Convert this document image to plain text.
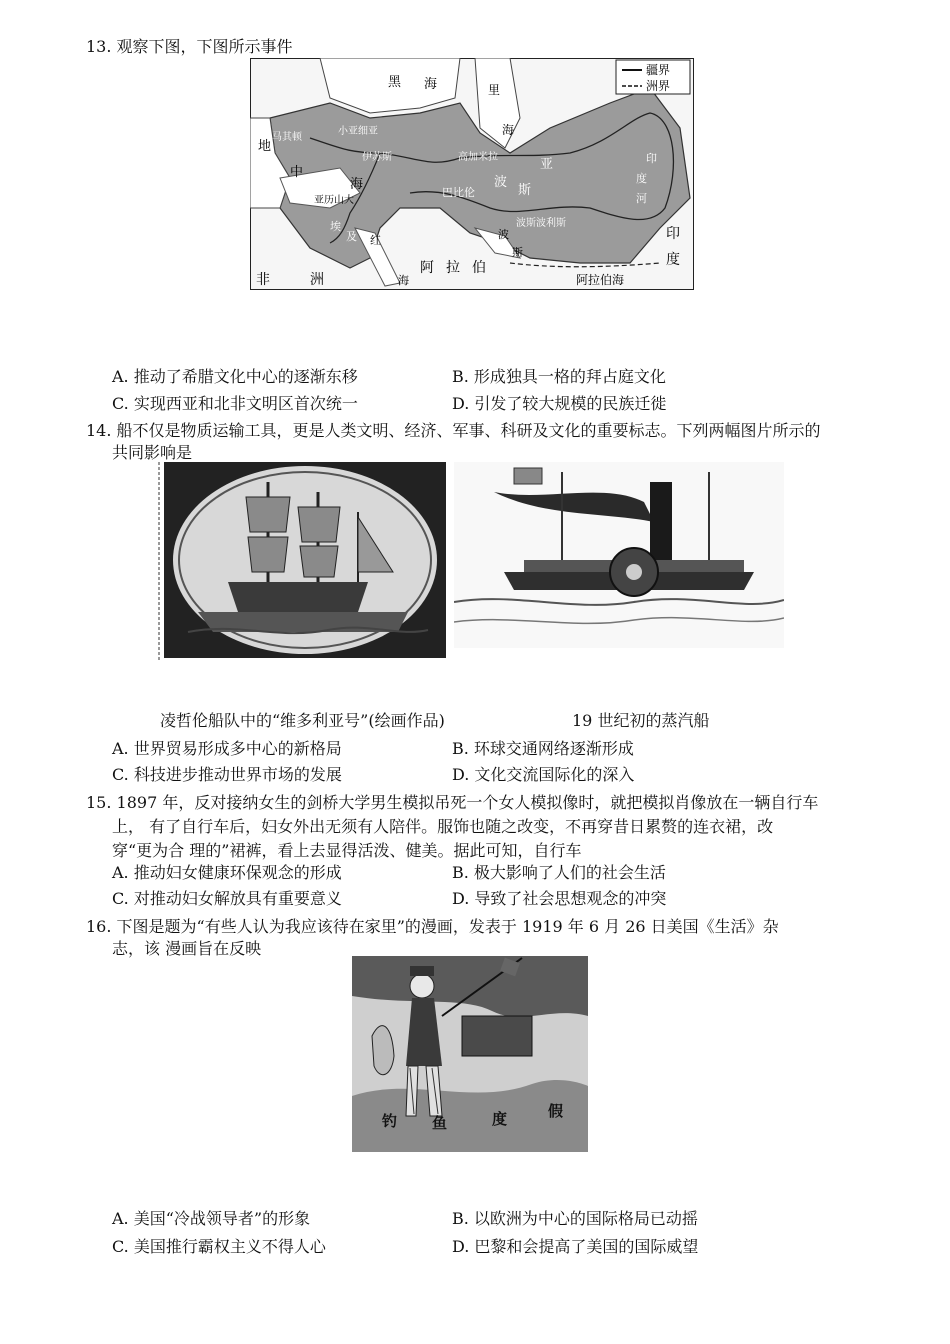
13. 观察下图，下图所示事件
疆界
洲界
黑 海	里
海
地
中
海
马其顿
小亚细亚
伊苏斯	高加米拉
亚历山大
巴比伦
埃
及
波
斯
波
斯
波斯波利斯
亚	印
度
河
非	洲
阿 拉 伯
红
海
印
度
阿拉伯海
A. 推动了希腊文化中心的逐渐东移	B. 形成独具一格的拜占庭文化
C. 实现西亚和北非文明区首次统一	D. 引发了较大规模的民族迁徙
14. 船不仅是物质运输工具，更是人类文明、经济、军事、科研及文化的重要标志。下列两幅图片所示的
共同影响是
凌哲伦船队中的“维多利亚号”(绘画作品)	19 世纪初的蒸汽船
A. 世界贸易形成多中心的新格局	B. 环球交通网络逐渐形成
C. 科技进步推动世界市场的发展	D. 文化交流国际化的深入
15. 1897 年，反对接纳女生的剑桥大学男生模拟吊死一个女人模拟像时，就把模拟肖像放在一辆自行车
上， 有了自行车后，妇女外出无须有人陪伴。服饰也随之改变，不再穿昔日累赘的连衣裙，改
穿“更为合 理的”裙裤，看上去显得活泼、健美。据此可知，自行车
A. 推动妇女健康环保观念的形成	B. 极大影响了人们的社会生活
C. 对推动妇女解放具有重要意义	D. 导致了社会思想观念的冲突
16. 下图是题为“有些人认为我应该待在家里”的漫画，发表于 1919 年 6 月 26 日美国《生活》杂
志，该 漫画旨在反映
钓 鱼	度	假
A. 美国“冷战领导者”的形象	B. 以欧洲为中心的国际格局已动摇
C. 美国推行霸权主义不得人心	D. 巴黎和会提高了美国的国际威望
